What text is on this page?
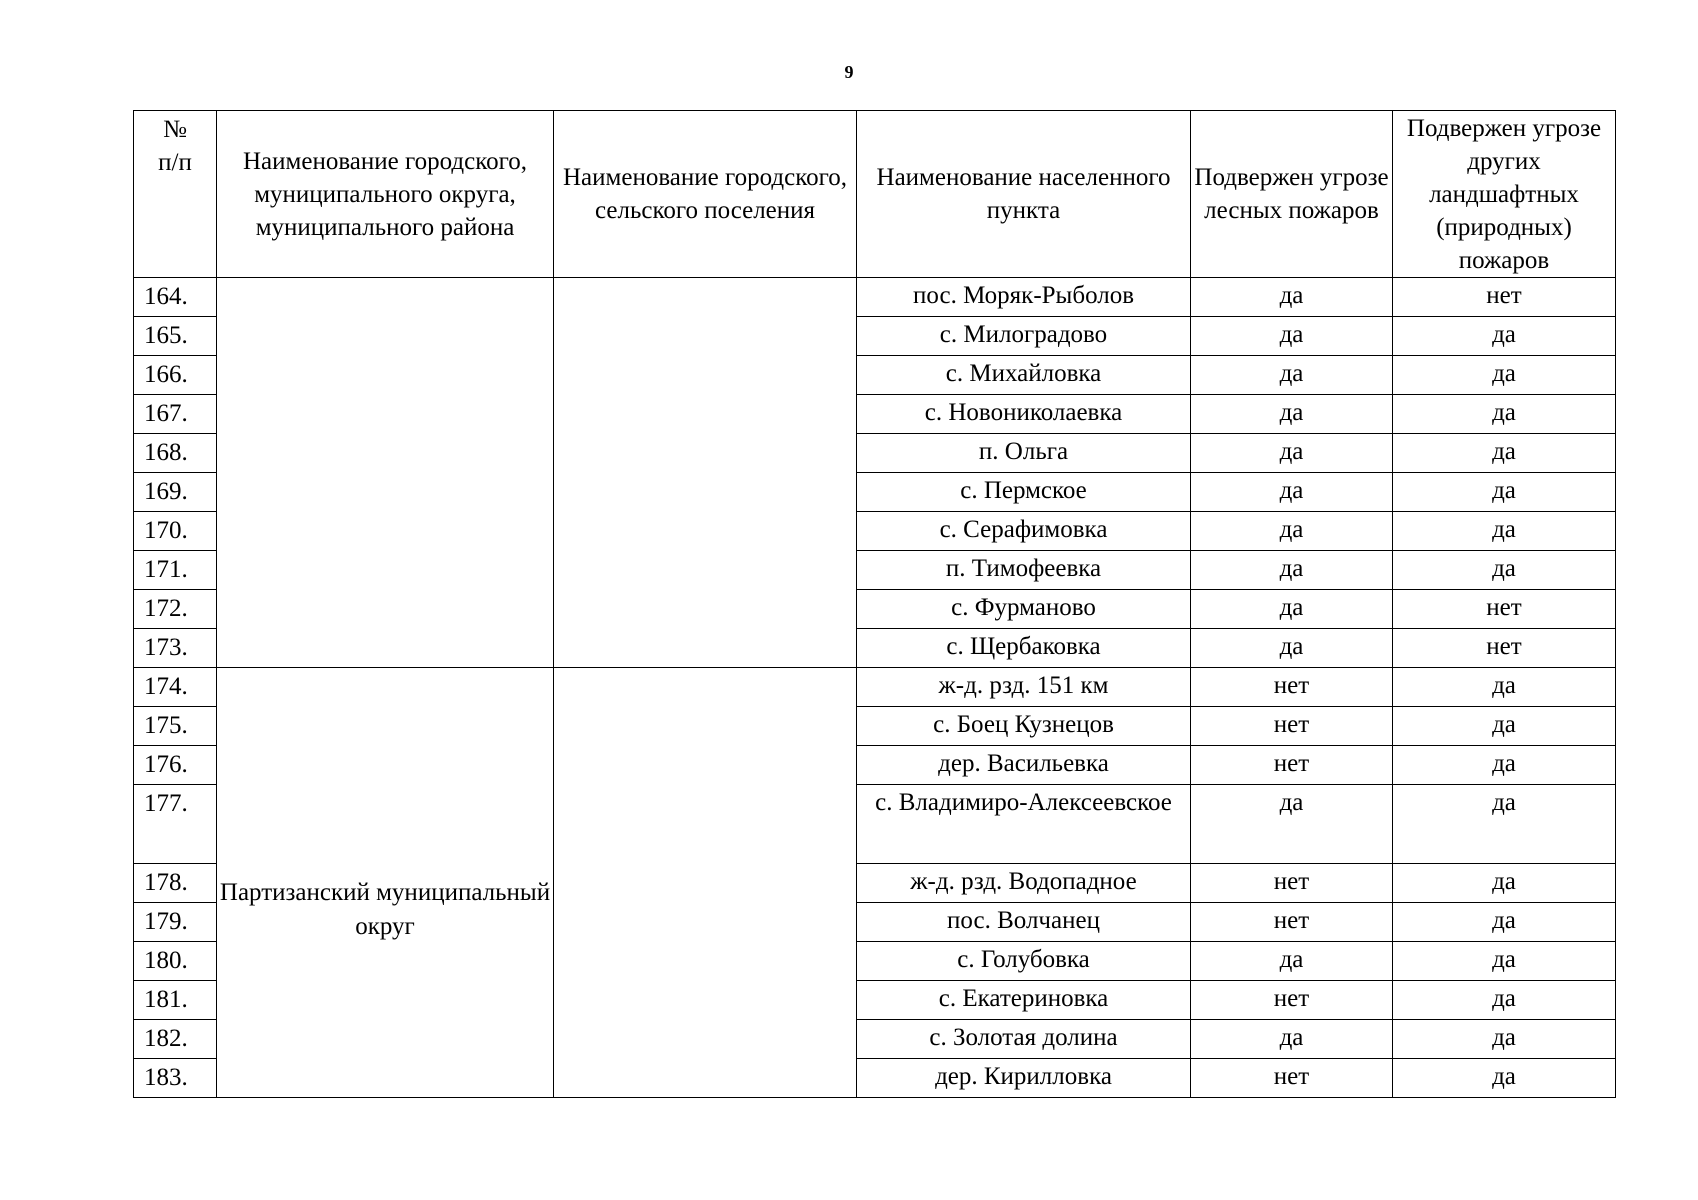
9
№
п/п	Наименование городского, муниципального округа, муниципального района	Наименование городского, сельского поселения	Наименование населенного пункта	Подвержен угрозе лесных пожаров	Подвержен угрозе других ландшафтных (природных) пожаров
164.			пос. Моряк-Рыболов	да	нет
165.			с. Милоградово	да	да
166.			с. Михайловка	да	да
167.			с. Новониколаевка	да	да
168.			п. Ольга	да	да
169.			с. Пермское	да	да
170.			с. Серафимовка	да	да
171.			п. Тимофеевка	да	да
172.			с. Фурманово	да	нет
173.			с. Щербаковка	да	нет
174.	Партизанский муниципальный округ		ж-д. рзд. 151 км	нет	да
175.			с. Боец Кузнецов	нет	да
176.			дер. Васильевка	нет	да
177.			с. Владимиро-Алексеевское	да	да
178.			ж-д. рзд. Водопадное	нет	да
179.			пос. Волчанец	нет	да
180.			с. Голубовка	да	да
181.			с. Екатериновка	нет	да
182.			с. Золотая долина	да	да
183.			дер. Кирилловка	нет	да
